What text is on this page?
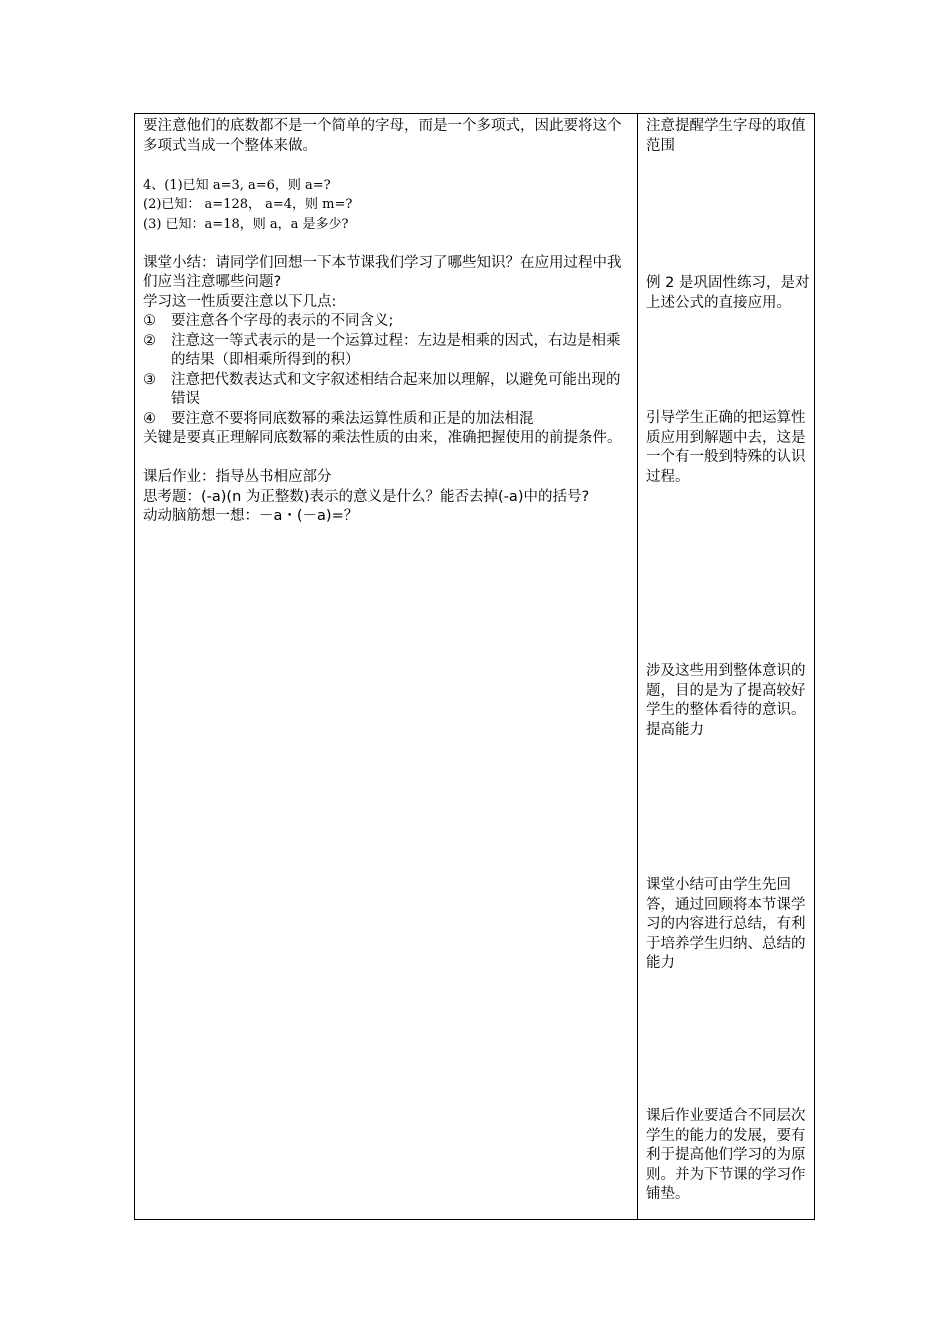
要注意他们的底数都不是一个简单的字母，而是一个多项式，因此要将这个多项式当成一个整体来做。
4、(1)已知 a=3, a=6，则 a=?
(2)已知： a=128， a=4，则 m=?
(3) 已知：a=18，则 a，a 是多少?
课堂小结：请同学们回想一下本节课我们学习了哪些知识？在应用过程中我们应当注意哪些问题?
学习这一性质要注意以下几点:
①	要注意各个字母的表示的不同含义;
②	注意这一等式表示的是一个运算过程：左边是相乘的因式，右边是相乘的结果（即相乘所得到的积）
③	注意把代数表达式和文字叙述相结合起来加以理解，以避免可能出现的错误
④	要注意不要将同底数幂的乘法运算性质和正是的加法相混
关键是要真正理解同底数幂的乘法性质的由来，准确把握使用的前提条件。
课后作业：指导丛书相应部分
思考题：(-a)(n 为正整数)表示的意义是什么？能否去掉(-a)中的括号?
动动脑筋想一想：－a・(－a)=？
注意提醒学生字母的取值范围
例 2 是巩固性练习，是对上述公式的直接应用。
引导学生正确的把运算性质应用到解题中去，这是一个有一般到特殊的认识过程。
涉及这些用到整体意识的题，目的是为了提高较好学生的整体看待的意识。提高能力
课堂小结可由学生先回答，通过回顾将本节课学习的内容进行总结，有利于培养学生归纳、总结的能力
课后作业要适合不同层次学生的能力的发展，要有利于提高他们学习的为原则。并为下节课的学习作铺垫。
